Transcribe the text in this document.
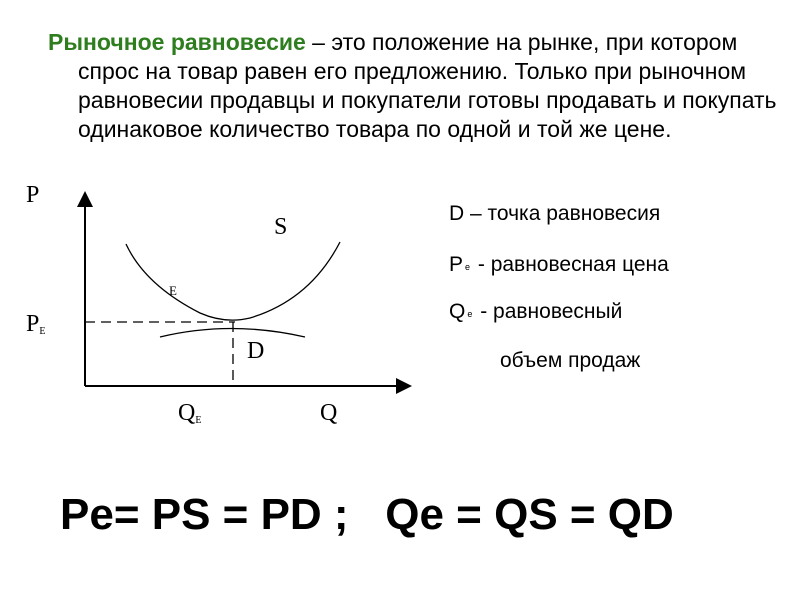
Рыночное равновесие – это положение на рынке, при котором спрос на товар равен его предложению. Только при рыночном равновесии продавцы и покупатели готовы продавать и покупать одинаковое количество товара по одной и той же цене.

P
PE
QE	Q
S
D
E

D – точка равновесия

Pe - равновесная цена

Qe - равновесный

объем продаж

Pe= PS = PD ;   Qe = QS = QD
